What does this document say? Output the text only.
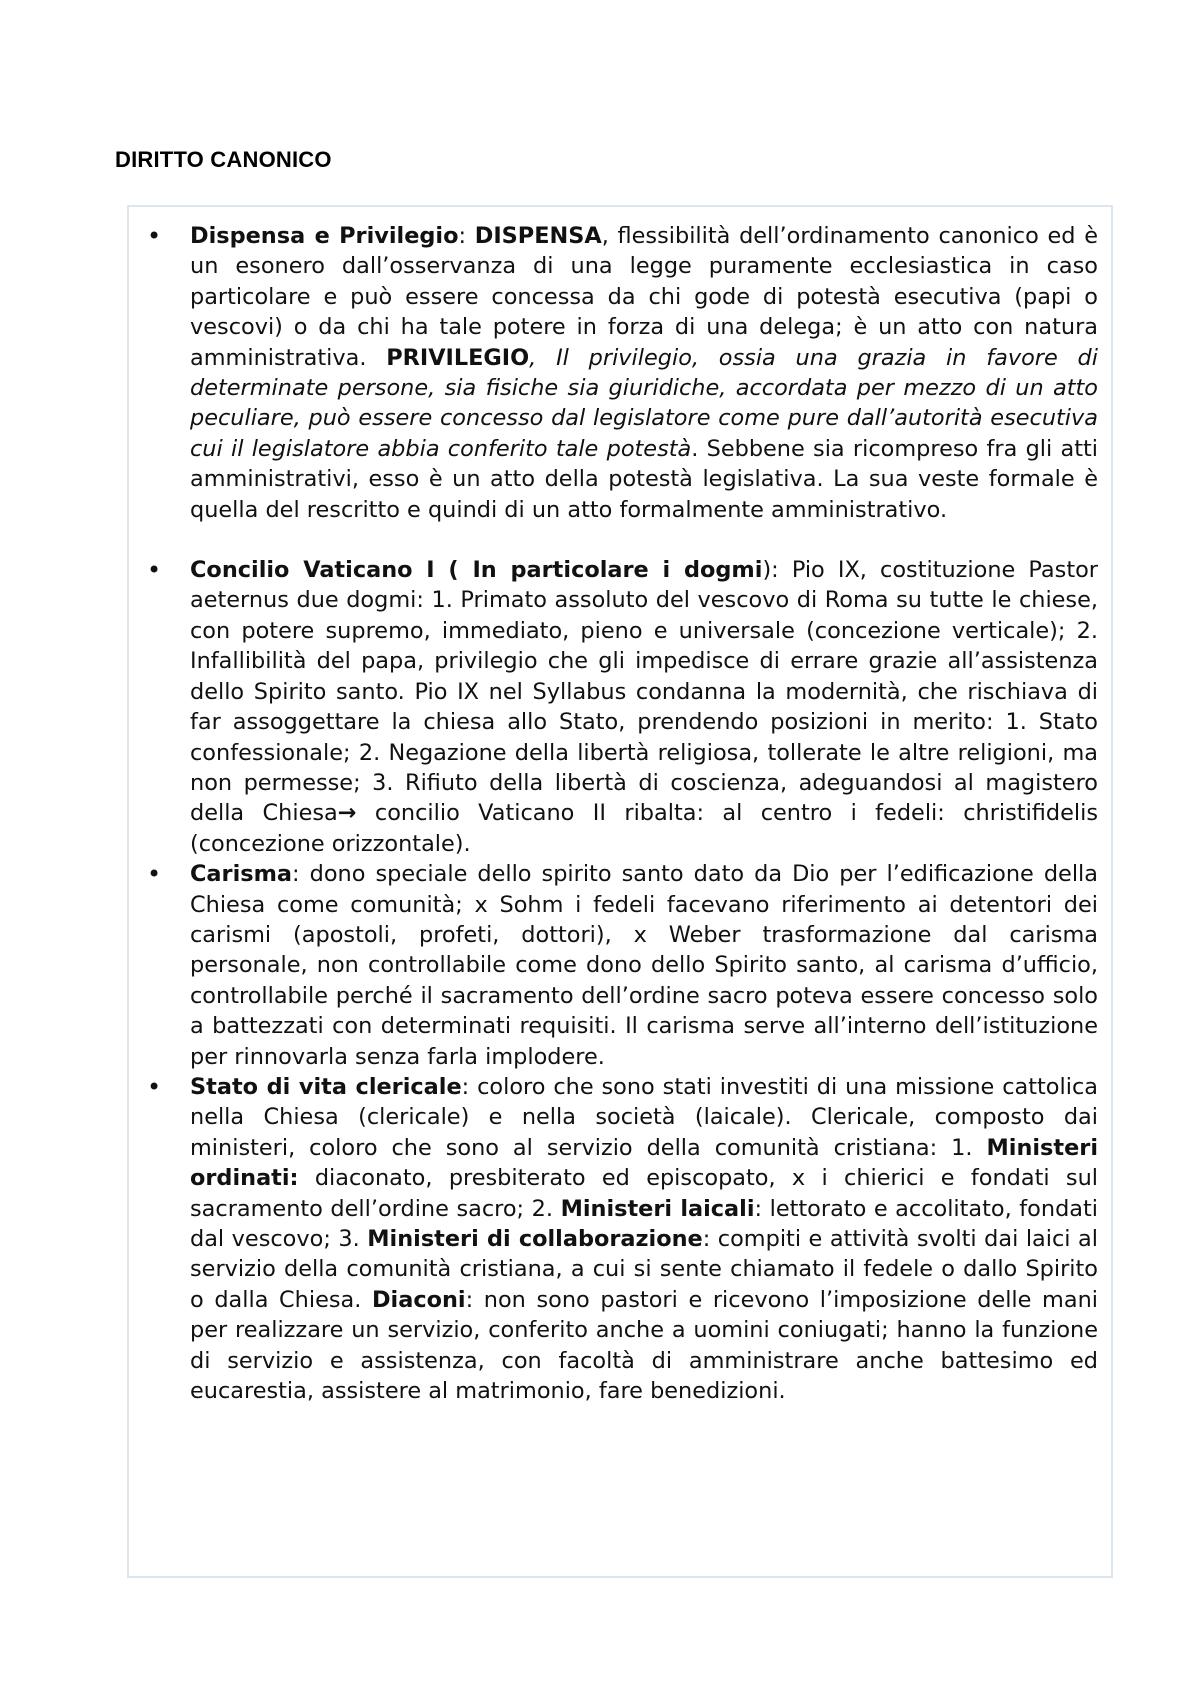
DIRITTO CANONICO
• Dispensa e Privilegio: DISPENSA, flessibilità dell’ordinamento canonico ed è un esonero dall’osservanza di una legge puramente ecclesiastica in caso particolare e può essere concessa da chi gode di potestà esecutiva (papi o vescovi) o da chi ha tale potere in forza di una delega; è un atto con natura amministrativa. PRIVILEGIO, Il privilegio, ossia una grazia in favore di determinate persone, sia fisiche sia giuridiche, accordata per mezzo di un atto peculiare, può essere concesso dal legislatore come pure dall’autorità esecutiva cui il legislatore abbia conferito tale potestà. Sebbene sia ricompreso fra gli atti amministrativi, esso è un atto della potestà legislativa. La sua veste formale è quella del rescritto e quindi di un atto formalmente amministrativo.
• Concilio Vaticano I ( In particolare i dogmi): Pio IX, costituzione Pastor aeternus due dogmi: 1. Primato assoluto del vescovo di Roma su tutte le chiese, con potere supremo, immediato, pieno e universale (concezione verticale); 2. Infallibilità del papa, privilegio che gli impedisce di errare grazie all’assistenza dello Spirito santo. Pio IX nel Syllabus condanna la modernità, che rischiava di far assoggettare la chiesa allo Stato, prendendo posizioni in merito: 1. Stato confessionale; 2. Negazione della libertà religiosa, tollerate le altre religioni, ma non permesse; 3. Rifiuto della libertà di coscienza, adeguandosi al magistero della Chiesa→ concilio Vaticano II ribalta: al centro i fedeli: christifidelis (concezione orizzontale).
• Carisma: dono speciale dello spirito santo dato da Dio per l’edificazione della Chiesa come comunità; x Sohm i fedeli facevano riferimento ai detentori dei carismi (apostoli, profeti, dottori), x Weber trasformazione dal carisma personale, non controllabile come dono dello Spirito santo, al carisma d’ufficio, controllabile perché il sacramento dell’ordine sacro poteva essere concesso solo a battezzati con determinati requisiti. Il carisma serve all’interno dell’istituzione per rinnovarla senza farla implodere.
• Stato di vita clericale: coloro che sono stati investiti di una missione cattolica nella Chiesa (clericale) e nella società (laicale). Clericale, composto dai ministeri, coloro che sono al servizio della comunità cristiana: 1. Ministeri ordinati: diaconato, presbiterato ed episcopato, x i chierici e fondati sul sacramento dell’ordine sacro; 2. Ministeri laicali: lettorato e accolitato, fondati dal vescovo; 3. Ministeri di collaborazione: compiti e attività svolti dai laici al servizio della comunità cristiana, a cui si sente chiamato il fedele o dallo Spirito o dalla Chiesa. Diaconi: non sono pastori e ricevono l’imposizione delle mani per realizzare un servizio, conferito anche a uomini coniugati; hanno la funzione di servizio e assistenza, con facoltà di amministrare anche battesimo ed eucarestia, assistere al matrimonio, fare benedizioni.
